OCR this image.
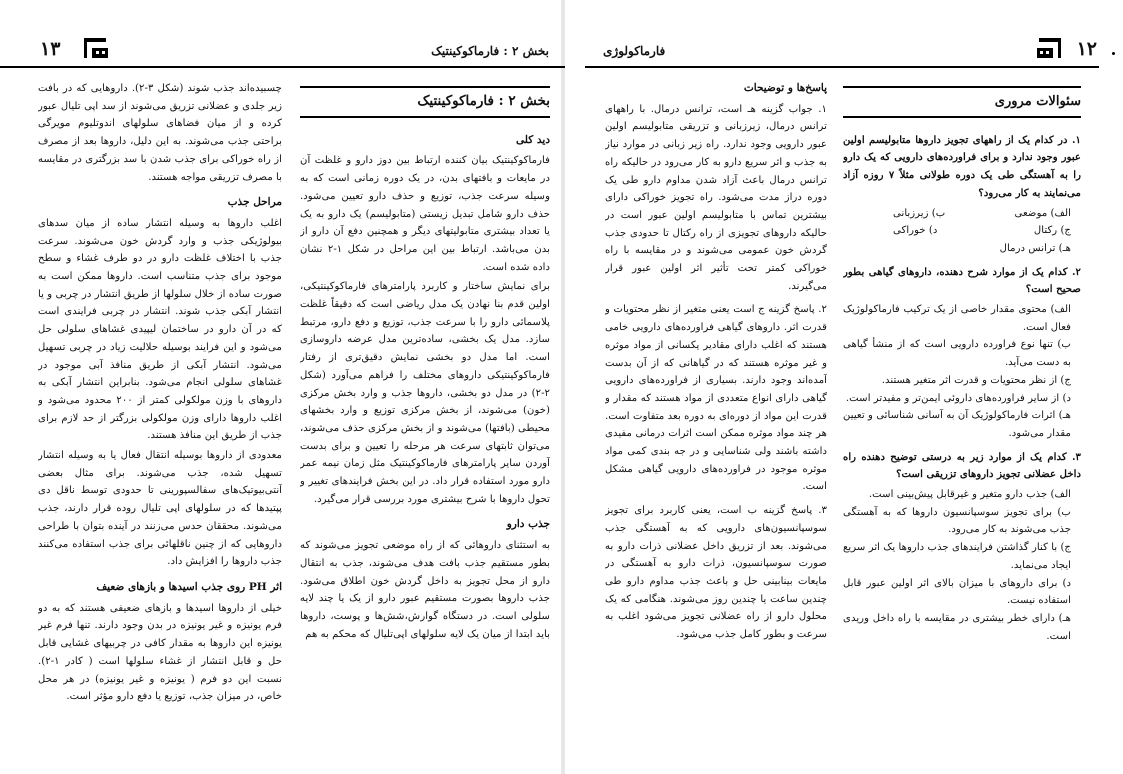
۱۳	بخش ۲ : فارماکوکینتیک
بخش ۲ : فارماکوکینتیک
دید کلی

فارماکوکینتیک بیان کننده ارتباط بین دوز دارو و غلظت آن در مایعات و بافتهای بدن، در یک دوره زمانی است که به وسیله سرعت جذب، توزیع و حذف دارو تعیین می‌شود. حذف دارو شامل تبدیل زیستی (متابولیسم) یک دارو به یک یا تعداد بیشتری متابولیتهای دیگر و همچنین دفع آن دارو از بدن می‌باشد. ارتباط بین این مراحل در شکل ۱-۲ نشان داده شده است.

برای نمایش ساختار و کاربرد پارامترهای فارماکوکینتیکی، اولین قدم بنا نهادن یک مدل ریاضی است که دقیقاً غلظت پلاسمائی دارو را با سرعت جذب، توزیع و دفع دارو، مرتبط سازد. مدل یک بخشی، ساده‌ترین مدل عرضه داروسازی است. اما مدل دو بخشی نمایش دقیق‌تری از رفتار فارماکوکینتیکی داروهای مختلف را فراهم می‌آورد (شکل ۲-۲) در مدل دو بخشی، داروها جذب و وارد بخش مرکزی (خون) می‌شوند، از بخش مرکزی توزیع و وارد بخشهای محیطی (بافتها) می‌شوند و از بخش مرکزی حذف می‌شوند، می‌توان ثابتهای سرعت هر مرحله را تعیین و برای بدست آوردن سایر پارامترهای فارماکوکینتیک مثل زمان نیمه عمر دارو مورد استفاده قرار داد. در این بخش فرایندهای تغییر و تحول داروها با شرح بیشتری مورد بررسی قرار می‌گیرد.

جذب دارو

به استثنای داروهائی که از راه موضعی تجویز می‌شوند که بطور مستقیم جذب بافت هدف می‌شوند، جذب به انتقال دارو از محل تجویز به داخل گردش خون اطلاق می‌شود. جذب داروها بصورت مستقیم عبور دارو از یک یا چند لایه سلولی است. در دستگاه گوارش،شش‌ها و پوست، داروها باید ابتدا از میان یک لایه سلولهای اپی‌تلیال که محکم به هم

چسبیده‌اند جذب شوند (شکل ۳-۲). داروهایی که در بافت زیر جلدی و عضلانی تزریق می‌شوند از سد اپی تلیال عبور کرده و از میان فضاهای سلولهای اندوتلیوم مویرگی براحتی جذب می‌شوند. به این دلیل، داروها بعد از مصرف از راه خوراکی برای جذب شدن با سد بزرگتری در مقایسه با مصرف تزریقی مواجه هستند.

مراحل جذب

اغلب داروها به وسیله انتشار ساده از میان سدهای بیولوژیکی جذب و وارد گردش خون می‌شوند. سرعت جذب با اختلاف غلظت دارو در دو طرف غشاء و سطح موجود برای جذب متناسب است. داروها ممکن است به صورت ساده از خلال سلولها از طریق انتشار در چربی و یا انتشار آبکی جذب شوند. انتشار در چربی فرایندی است که در آن دارو در ساختمان لیپیدی غشاهای سلولی حل می‌شود و این فرایند بوسیله حلالیت زیاد در چربی تسهیل می‌شود. انتشار آبکی از طریق منافذ آبی موجود در غشاهای سلولی انجام می‌شود. بنابراین انتشار آبکی به داروهای با وزن مولکولی کمتر از ۲۰۰ محدود می‌شود و اغلب داروها دارای وزن مولکولی بزرگتر از حد لازم برای جذب از طریق این منافذ هستند.

معدودی از داروها بوسیله انتقال فعال یا به وسیله انتشار تسهیل شده، جذب می‌شوند. برای مثال بعضی آنتی‌بیوتیک‌های سفالسپورینی تا حدودی توسط ناقل دی پپتیدها که در سلولهای اپی تلیال روده قرار دارند، جذب می‌شوند. محققان حدس می‌زنند در آینده بتوان با طراحی داروهایی که از چنین ناقلهائی برای جذب استفاده می‌کنند جذب داروها را افزایش داد.

اثر PH روی جذب اسیدها و بازهای ضعیف

خیلی از داروها اسیدها و بازهای ضعیفی هستند که به دو فرم یونیزه و غیر یونیزه در بدن وجود دارند. تنها فرم غیر یونیزه این داروها به مقدار کافی در چربیهای غشایی قابل حل و قابل انتشار از غشاء سلولها است ( کادر ۱-۲). نسبت این دو فرم ( یونیزه و غیر یونیزه) در هر محل خاص، در میزان جذب، توزیع یا دفع دارو مؤثر است.

فارماکولوژی	۱۲
پاسخ‌ها و توضیحات

۱. جواب گزینه هـ است، ترانس درمال. با راههای ترانس درمال، زیرزبانی و تزریقی متابولیسم اولین عبور دارویی وجود ندارد. راه زیر زبانی در موارد نیاز به جذب و اثر سریع دارو به کار می‌رود در حالیکه راه ترانس درمال باعث آزاد شدن مداوم دارو طی یک دوره دراز مدت می‌شود. راه تجویز خوراکی دارای بیشترین تماس با متابولیسم اولین عبور است در حالیکه داروهای تجویزی از راه رکتال تا حدودی جذب گردش خون عمومی می‌شوند و در مقایسه با راه خوراکی کمتر تحت تأثیر اثر اولین عبور قرار می‌گیرند.

۲. پاسخ گزینه ج است یعنی متغیر از نظر محتویات و قدرت اثر. داروهای گیاهی فراورده‌های دارویی خامی هستند که اغلب دارای مقادیر یکسانی از مواد موثره و غیر موثره هستند که در گیاهانی که از آن بدست آمده‌اند وجود دارند. بسیاری از فراورده‌های دارویی گیاهی دارای انواع متعددی از مواد هستند که مقدار و قدرت این مواد از دوره‌ای به دوره بعد متفاوت است. هر چند مواد موثره ممکن است اثرات درمانی مفیدی داشته باشند ولی شناسایی و در جه بندی کمی مواد موثره موجود در فراورده‌های دارویی گیاهی مشکل است.

۳. پاسخ گزینه ب است، یعنی کاربرد برای تجویز سوسپانسیون‌های دارویی که به آهستگی جذب می‌شوند. بعد از تزریق داخل عضلانی ذرات دارو به صورت سوسپانسیون، ذرات دارو به آهستگی در مایعات بینابینی حل و باعث جذب مداوم دارو طی چندین ساعت یا چندین روز می‌شوند. هنگامی که یک محلول دارو از راه عضلانی تجویز می‌شود اغلب به سرعت و بطور کامل جذب می‌شود.

سئوالات مروری

۱. در کدام یک از راههای تجویز داروها متابولیسم اولین عبور وجود ندارد و برای فراورده‌های دارویی که یک دارو را به آهستگی طی یک دوره طولانی مثلاً ۷ روزه آزاد می‌نمایند به کار می‌رود؟

الف) موضعی
ب) زیرزبانی
ج) رکتال
د) خوراکی
هـ) ترانس درمال

۲. کدام یک از موارد شرح دهنده، داروهای گیاهی بطور صحیح است؟

الف) محتوی مقدار خاصی از یک ترکیب فارماکولوژیک فعال است.
ب) تنها نوع فراورده دارویی است که از منشأ گیاهی به دست می‌آید.
ج) از نظر محتویات و قدرت اثر متغیر هستند.
د) از سایر فراورده‌های داروئی ایمن‌تر و مفیدتر است.
هـ) اثرات فارماکولوژیک آن به آسانی شناسائی و تعیین مقدار می‌شود.

۳. کدام یک از موارد زیر به درستی توضیح دهنده راه داخل عضلانی تجویز داروهای تزریقی است؟

الف) جذب دارو متغیر و غیرقابل پیش‌بینی است.
ب) برای تجویز سوسپانسیون داروها که به آهستگی جذب می‌شوند به کار می‌رود.
ج) با کنار گذاشتن فرایندهای جذب داروها یک اثر سریع ایجاد می‌نماید.
د) برای داروهای با میزان بالای اثر اولین عبور قابل استفاده نیست.
هـ) دارای خطر بیشتری در مقایسه با راه داخل وریدی است.
